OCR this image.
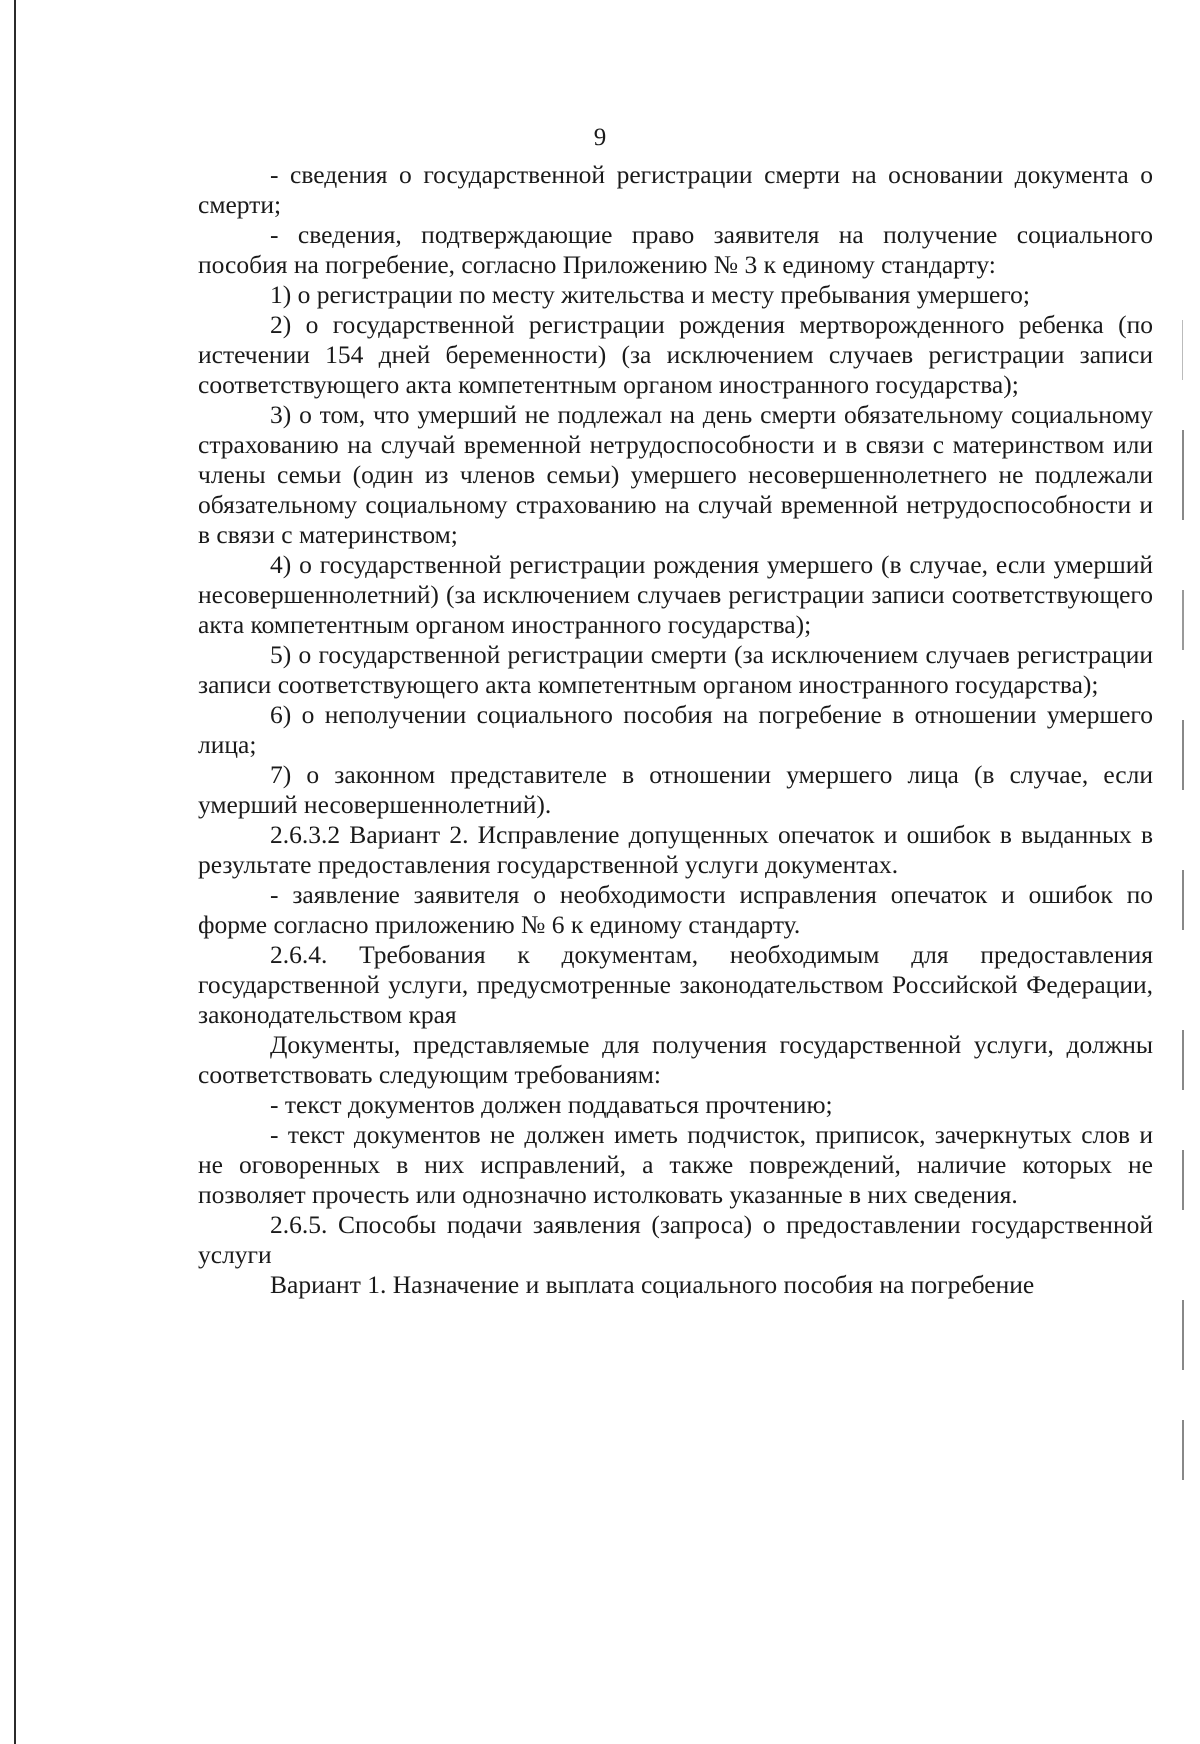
9

- сведения о государственной регистрации смерти на основании документа о смерти;

- сведения, подтверждающие право заявителя на получение социального пособия на погребение, согласно Приложению № 3 к единому стандарту:

1) о регистрации по месту жительства и месту пребывания умершего;

2) о государственной регистрации рождения мертворожденного ребенка (по истечении 154 дней беременности) (за исключением случаев регистрации записи соответствующего акта компетентным органом иностранного государства);

3) о том, что умерший не подлежал на день смерти обязательному социальному страхованию на случай временной нетрудоспособности и в связи с материнством или члены семьи (один из членов семьи) умершего несовершеннолетнего не подлежали обязательному социальному страхованию на случай временной нетрудоспособности и в связи с материнством;

4) о государственной регистрации рождения умершего (в случае, если умерший несовершеннолетний) (за исключением случаев регистрации записи соответствующего акта компетентным органом иностранного государства);

5) о государственной регистрации смерти (за исключением случаев регистрации записи соответствующего акта компетентным органом иностранного государства);

6) о неполучении социального пособия на погребение в отношении умершего лица;

7) о законном представителе в отношении умершего лица (в случае, если умерший несовершеннолетний).

2.6.3.2 Вариант 2. Исправление допущенных опечаток и ошибок в выданных в результате предоставления государственной услуги документах.

- заявление заявителя о необходимости исправления опечаток и ошибок по форме согласно приложению № 6 к единому стандарту.

2.6.4. Требования к документам, необходимым для предоставления государственной услуги, предусмотренные законодательством Российской Федерации, законодательством края

Документы, представляемые для получения государственной услуги, должны соответствовать следующим требованиям:

- текст документов должен поддаваться прочтению;

- текст документов не должен иметь подчисток, приписок, зачеркнутых слов и не оговоренных в них исправлений, а также повреждений, наличие которых не позволяет прочесть или однозначно истолковать указанные в них сведения.

2.6.5. Способы подачи заявления (запроса) о предоставлении государственной услуги

Вариант 1. Назначение и выплата социального пособия на погребение
